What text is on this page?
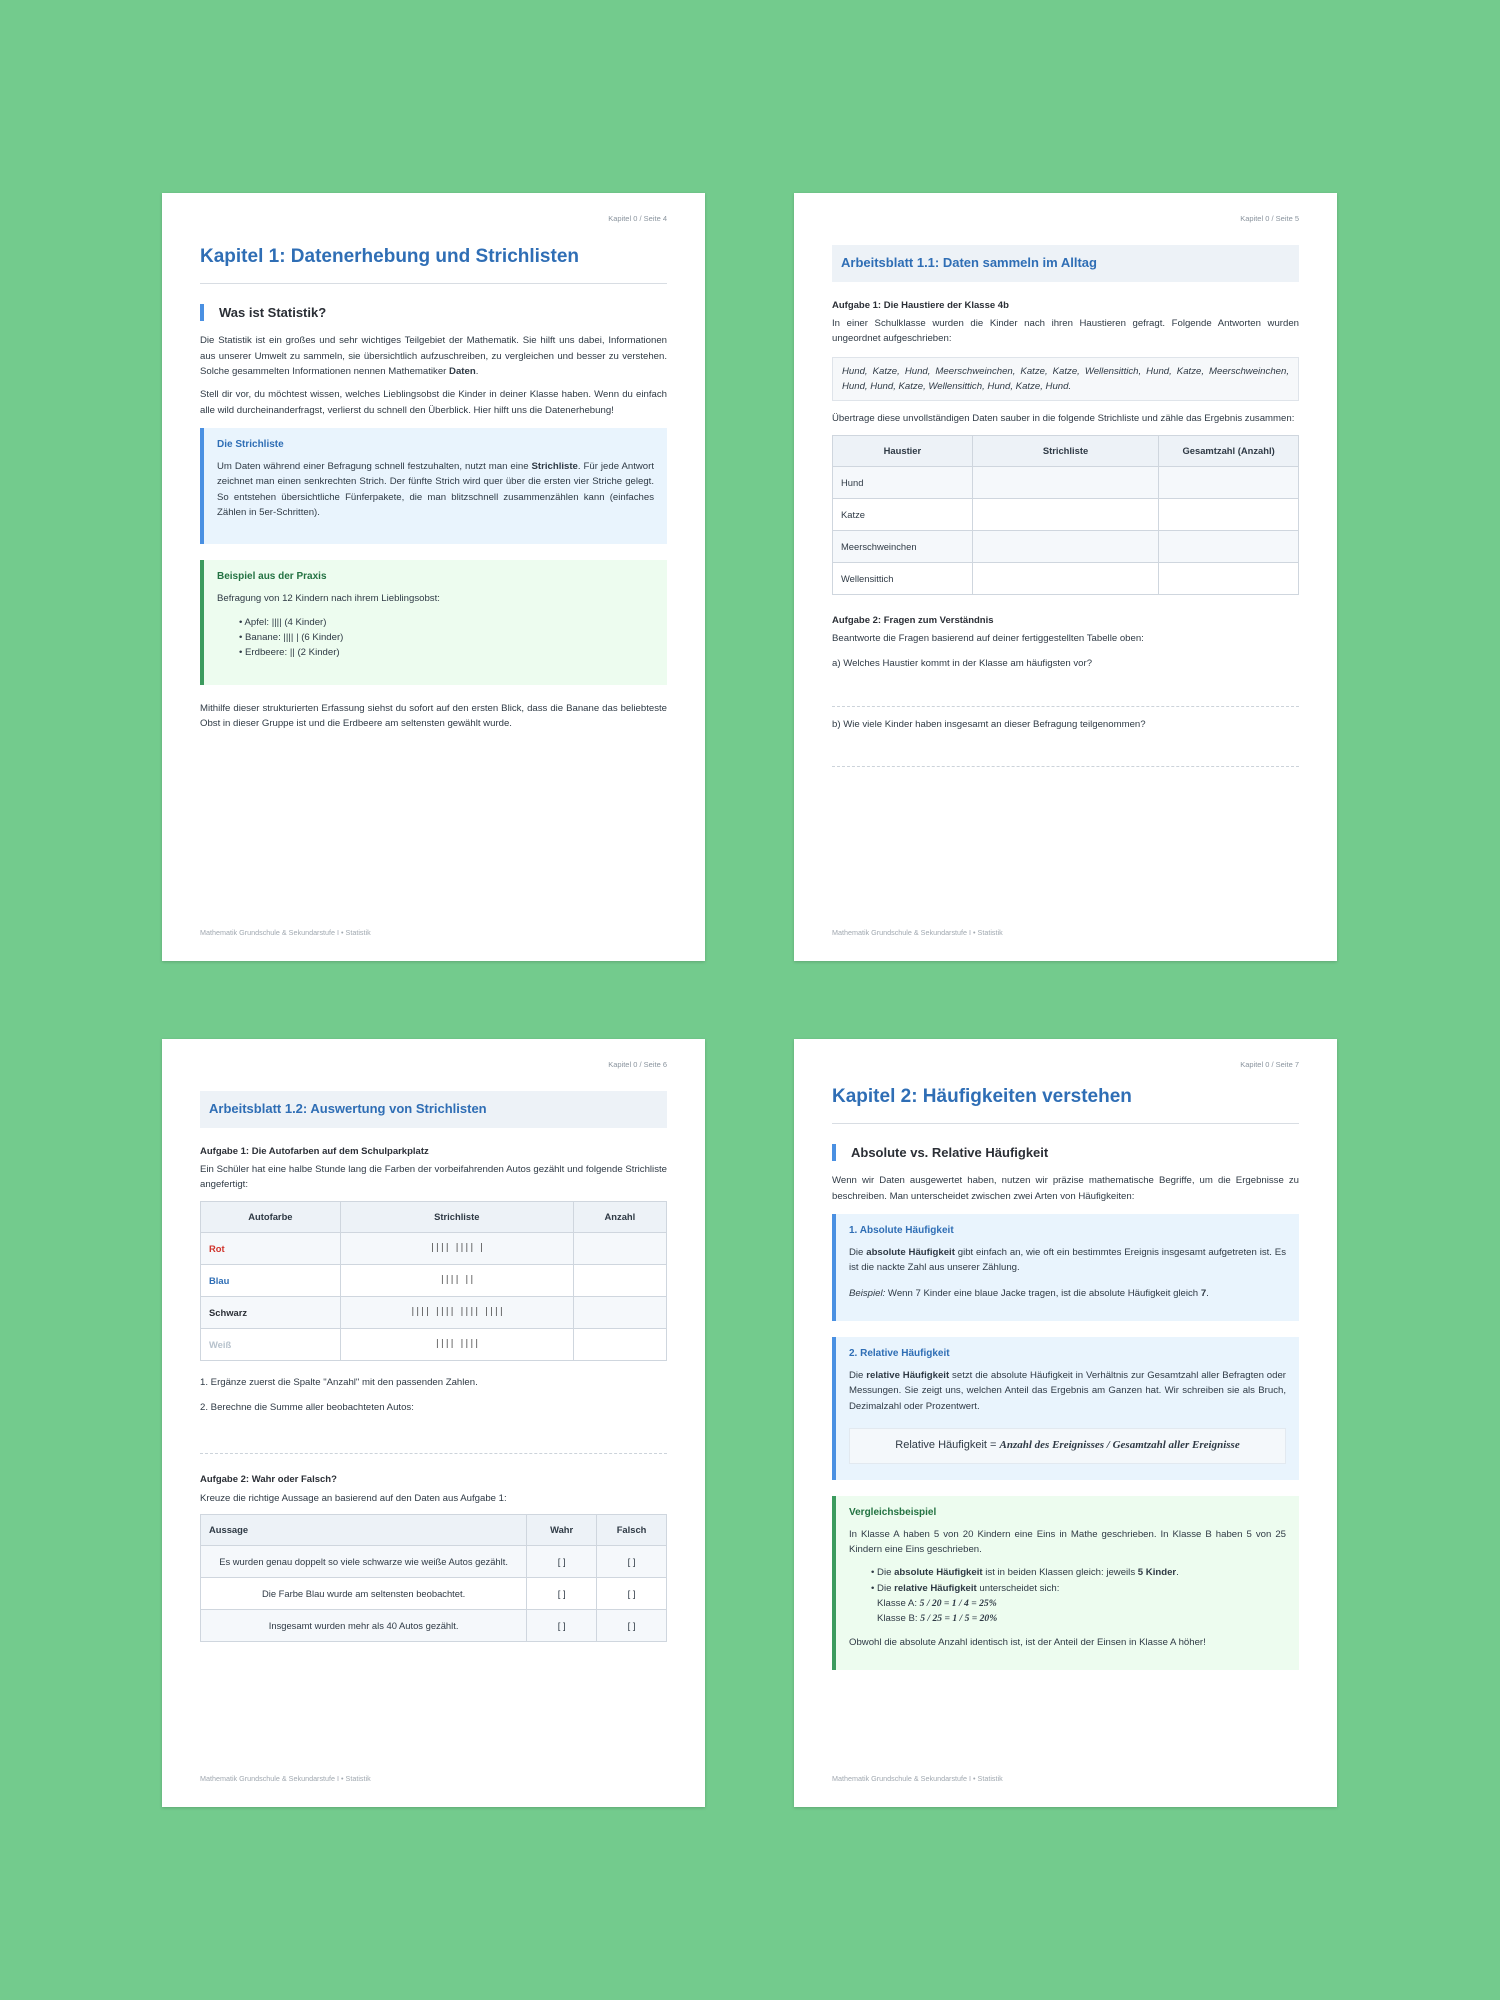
Kapitel 0 / Seite 4
Kapitel 1: Datenerhebung und Strichlisten
Was ist Statistik?

Die Statistik ist ein großes und sehr wichtiges Teilgebiet der Mathematik. Sie hilft uns dabei, Informationen aus unserer Umwelt zu sammeln, sie übersichtlich aufzuschreiben, zu vergleichen und besser zu verstehen. Solche gesammelten Informationen nennen Mathematiker Daten.

Stell dir vor, du möchtest wissen, welches Lieblingsobst die Kinder in deiner Klasse haben. Wenn du einfach alle wild durcheinanderfragst, verlierst du schnell den Überblick. Hier hilft uns die Datenerhebung!

Die Strichliste

Um Daten während einer Befragung schnell festzuhalten, nutzt man eine Strichliste. Für jede Antwort zeichnet man einen senkrechten Strich. Der fünfte Strich wird quer über die ersten vier Striche gelegt. So entstehen übersichtliche Fünferpakete, die man blitzschnell zusammenzählen kann (einfaches Zählen in 5er-Schritten).

Beispiel aus der Praxis

Befragung von 12 Kindern nach ihrem Lieblingsobst:

• Apfel: |||| (4 Kinder)
• Banane: |||| | (6 Kinder)
• Erdbeere: || (2 Kinder)

Mithilfe dieser strukturierten Erfassung siehst du sofort auf den ersten Blick, dass die Banane das beliebteste Obst in dieser Gruppe ist und die Erdbeere am seltensten gewählt wurde.

Mathematik Grundschule & Sekundarstufe I • Statistik
Kapitel 0 / Seite 5
Arbeitsblatt 1.1: Daten sammeln im Alltag
Aufgabe 1: Die Haustiere der Klasse 4b

In einer Schulklasse wurden die Kinder nach ihren Haustieren gefragt. Folgende Antworten wurden ungeordnet aufgeschrieben:

Hund, Katze, Hund, Meerschweinchen, Katze, Katze, Wellensittich, Hund, Katze, Meerschweinchen, Hund, Hund, Katze, Wellensittich, Hund, Katze, Hund.

Übertrage diese unvollständigen Daten sauber in die folgende Strichliste und zähle das Ergebnis zusammen:

Haustier	Strichliste	Gesamtzahl (Anzahl)
Hund		
Katze		
Meerschweinchen		
Wellensittich		
Aufgabe 2: Fragen zum Verständnis

Beantworte die Fragen basierend auf deiner fertiggestellten Tabelle oben:

a) Welches Haustier kommt in der Klasse am häufigsten vor?

b) Wie viele Kinder haben insgesamt an dieser Befragung teilgenommen?

Mathematik Grundschule & Sekundarstufe I • Statistik
Kapitel 0 / Seite 6
Arbeitsblatt 1.2: Auswertung von Strichlisten
Aufgabe 1: Die Autofarben auf dem Schulparkplatz

Ein Schüler hat eine halbe Stunde lang die Farben der vorbeifahrenden Autos gezählt und folgende Strichliste angefertigt:

Autofarbe	Strichliste	Anzahl
Rot	|||| |||| |	
Blau	|||| ||	
Schwarz	|||| |||| |||| ||||	
Weiß	|||| ||||	

1. Ergänze zuerst die Spalte "Anzahl" mit den passenden Zahlen.

2. Berechne die Summe aller beobachteten Autos:

Aufgabe 2: Wahr oder Falsch?

Kreuze die richtige Aussage an basierend auf den Daten aus Aufgabe 1:

Aussage	Wahr	Falsch
Es wurden genau doppelt so viele schwarze wie weiße Autos gezählt.	[ ]	[ ]
Die Farbe Blau wurde am seltensten beobachtet.	[ ]	[ ]
Insgesamt wurden mehr als 40 Autos gezählt.	[ ]	[ ]
Mathematik Grundschule & Sekundarstufe I • Statistik
Kapitel 0 / Seite 7
Kapitel 2: Häufigkeiten verstehen
Absolute vs. Relative Häufigkeit

Wenn wir Daten ausgewertet haben, nutzen wir präzise mathematische Begriffe, um die Ergebnisse zu beschreiben. Man unterscheidet zwischen zwei Arten von Häufigkeiten:

1. Absolute Häufigkeit

Die absolute Häufigkeit gibt einfach an, wie oft ein bestimmtes Ereignis insgesamt aufgetreten ist. Es ist die nackte Zahl aus unserer Zählung.

Beispiel: Wenn 7 Kinder eine blaue Jacke tragen, ist die absolute Häufigkeit gleich 7.

2. Relative Häufigkeit

Die relative Häufigkeit setzt die absolute Häufigkeit in Verhältnis zur Gesamtzahl aller Befragten oder Messungen. Sie zeigt uns, welchen Anteil das Ergebnis am Ganzen hat. Wir schreiben sie als Bruch, Dezimalzahl oder Prozentwert.

Relative Häufigkeit = Anzahl des Ereignisses / Gesamtzahl aller Ereignisse
Vergleichsbeispiel

In Klasse A haben 5 von 20 Kindern eine Eins in Mathe geschrieben. In Klasse B haben 5 von 25 Kindern eine Eins geschrieben.

• Die absolute Häufigkeit ist in beiden Klassen gleich: jeweils 5 Kinder.
• Die relative Häufigkeit unterscheidet sich:
Klasse A: 5 / 20 = 1 / 4 = 25%
Klasse B: 5 / 25 = 1 / 5 = 20%

Obwohl die absolute Anzahl identisch ist, ist der Anteil der Einsen in Klasse A höher!

Mathematik Grundschule & Sekundarstufe I • Statistik
